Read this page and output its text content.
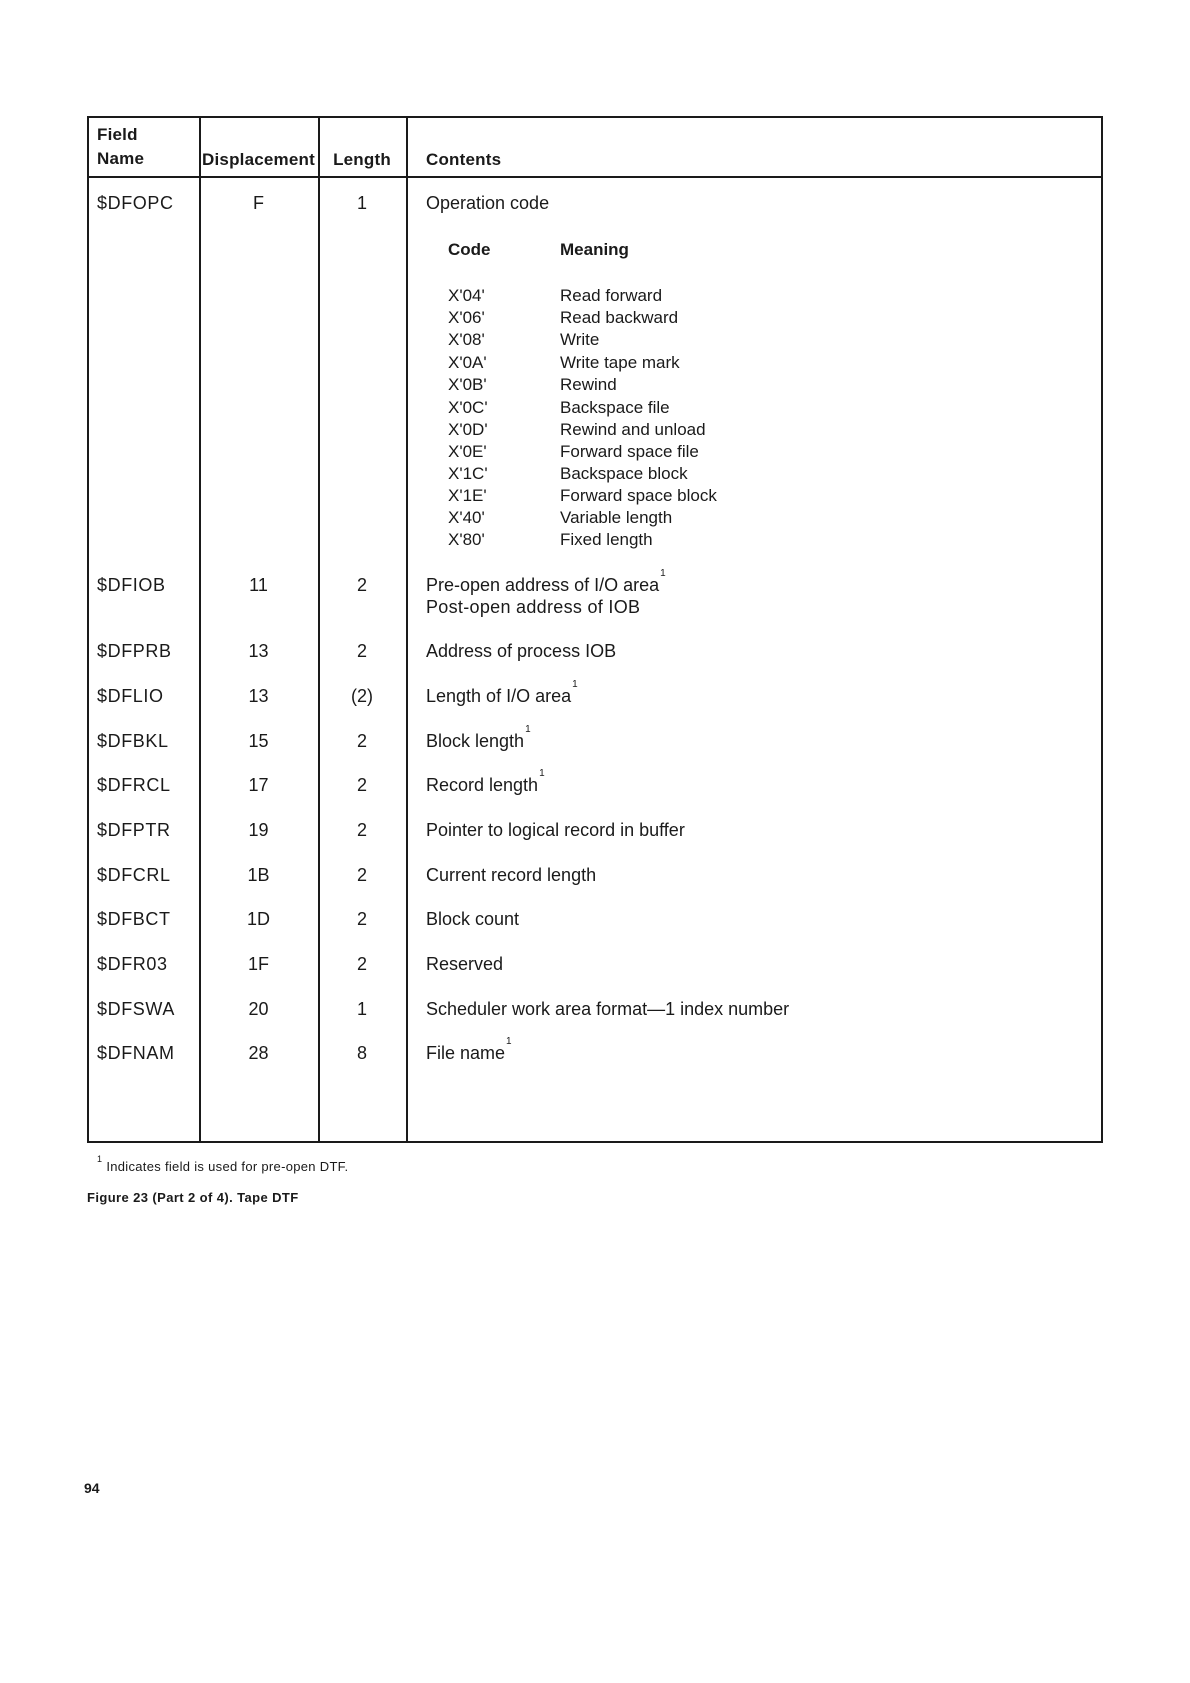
Field
Name	Displacement	Length	Contents
$DFOPC	F	1	Operation code
Code	Meaning
X'04'	Read forward
X'06'	Read backward
X'08'	Write
X'0A'	Write tape mark
X'0B'	Rewind
X'0C'	Backspace file
X'0D'	Rewind and unload
X'0E'	Forward space file
X'1C'	Backspace block
X'1E'	Forward space block
X'40'	Variable length
X'80'	Fixed length
$DFIOB	11	2	Pre-open address of I/O area$^1$
Post-open address of IOB
$DFPRB	13	2	Address of process IOB
$DFLIO	13	(2)	Length of I/O area$^1$
$DFBKL	15	2	Block length$^1$
$DFRCL	17	2	Record length$^1$
$DFPTR	19	2	Pointer to logical record in buffer
$DFCRL	1B	2	Current record length
$DFBCT	1D	2	Block count
$DFR03	1F	2	Reserved
$DFSWA	20	1	Scheduler work area format—1 index number
$DFNAM	28	8	File name$^1$
$^1$Indicates field is used for pre-open DTF.
Figure 23 (Part 2 of 4). Tape DTF
94
